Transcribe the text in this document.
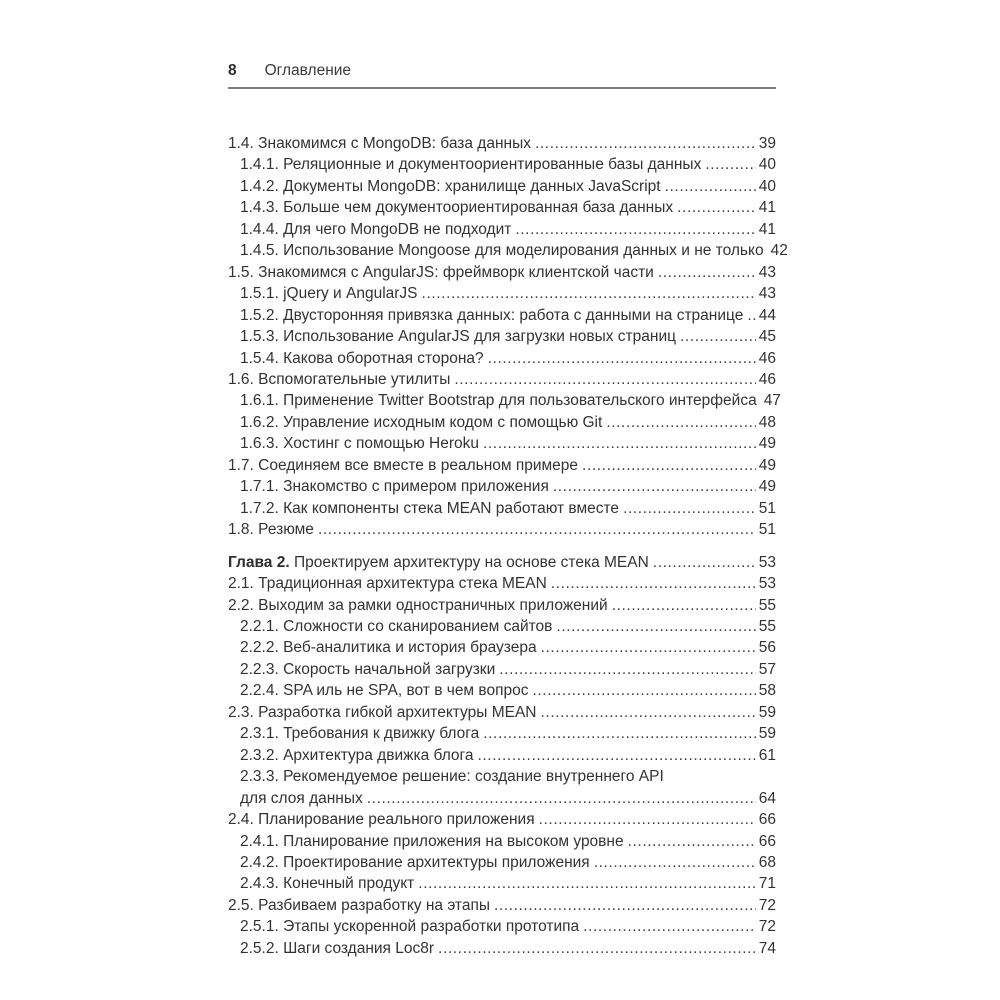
8 Оглавление
1.4. Знакомимся с MongoDB: база данных .....	39
1.4.1. Реляционные и документоориентированные базы данных .....	40
1.4.2. Документы MongoDB: хранилище данных JavaScript .....	40
1.4.3. Больше чем документоориентированная база данных .....	41
1.4.4. Для чего MongoDB не подходит .....	41
1.4.5. Использование Mongoose для моделирования данных и не только 42
1.5. Знакомимся с AngularJS: фреймворк клиентской части .....	43
1.5.1. jQuery и AngularJS .....	43
1.5.2. Двусторонняя привязка данных: работа с данными на странице ..... 44
1.5.3. Использование AngularJS для загрузки новых страниц .....	45
1.5.4. Какова оборотная сторона? .....	46
1.6. Вспомогательные утилиты .....	46
1.6.1. Применение Twitter Bootstrap для пользовательского интерфейса 47
1.6.2. Управление исходным кодом с помощью Git .....	48
1.6.3. Хостинг с помощью Heroku .....	49
1.7. Соединяем все вместе в реальном примере .....	49
1.7.1. Знакомство с примером приложения .....	49
1.7.2. Как компоненты стека MEAN работают вместе .....	51
1.8. Резюме .....	51
Глава 2. Проектируем архитектуру на основе стека MEAN .....	53
2.1. Традиционная архитектура стека MEAN .....	53
2.2. Выходим за рамки одностраничных приложений .....	55
2.2.1. Сложности со сканированием сайтов .....	55
2.2.2. Веб-аналитика и история браузера .....	56
2.2.3. Скорость начальной загрузки .....	57
2.2.4. SPA иль не SPA, вот в чем вопрос .....	58
2.3. Разработка гибкой архитектуры MEAN .....	59
2.3.1. Требования к движку блога .....	59
2.3.2. Архитектура движка блога .....	61
2.3.3. Рекомендуемое решение: создание внутреннего API
для слоя данных .....	64
2.4. Планирование реального приложения .....	66
2.4.1. Планирование приложения на высоком уровне .....	66
2.4.2. Проектирование архитектуры приложения .....	68
2.4.3. Конечный продукт .....	71
2.5. Разбиваем разработку на этапы .....	72
2.5.1. Этапы ускоренной разработки прототипа .....	72
2.5.2. Шаги создания Loc8r .....	74
